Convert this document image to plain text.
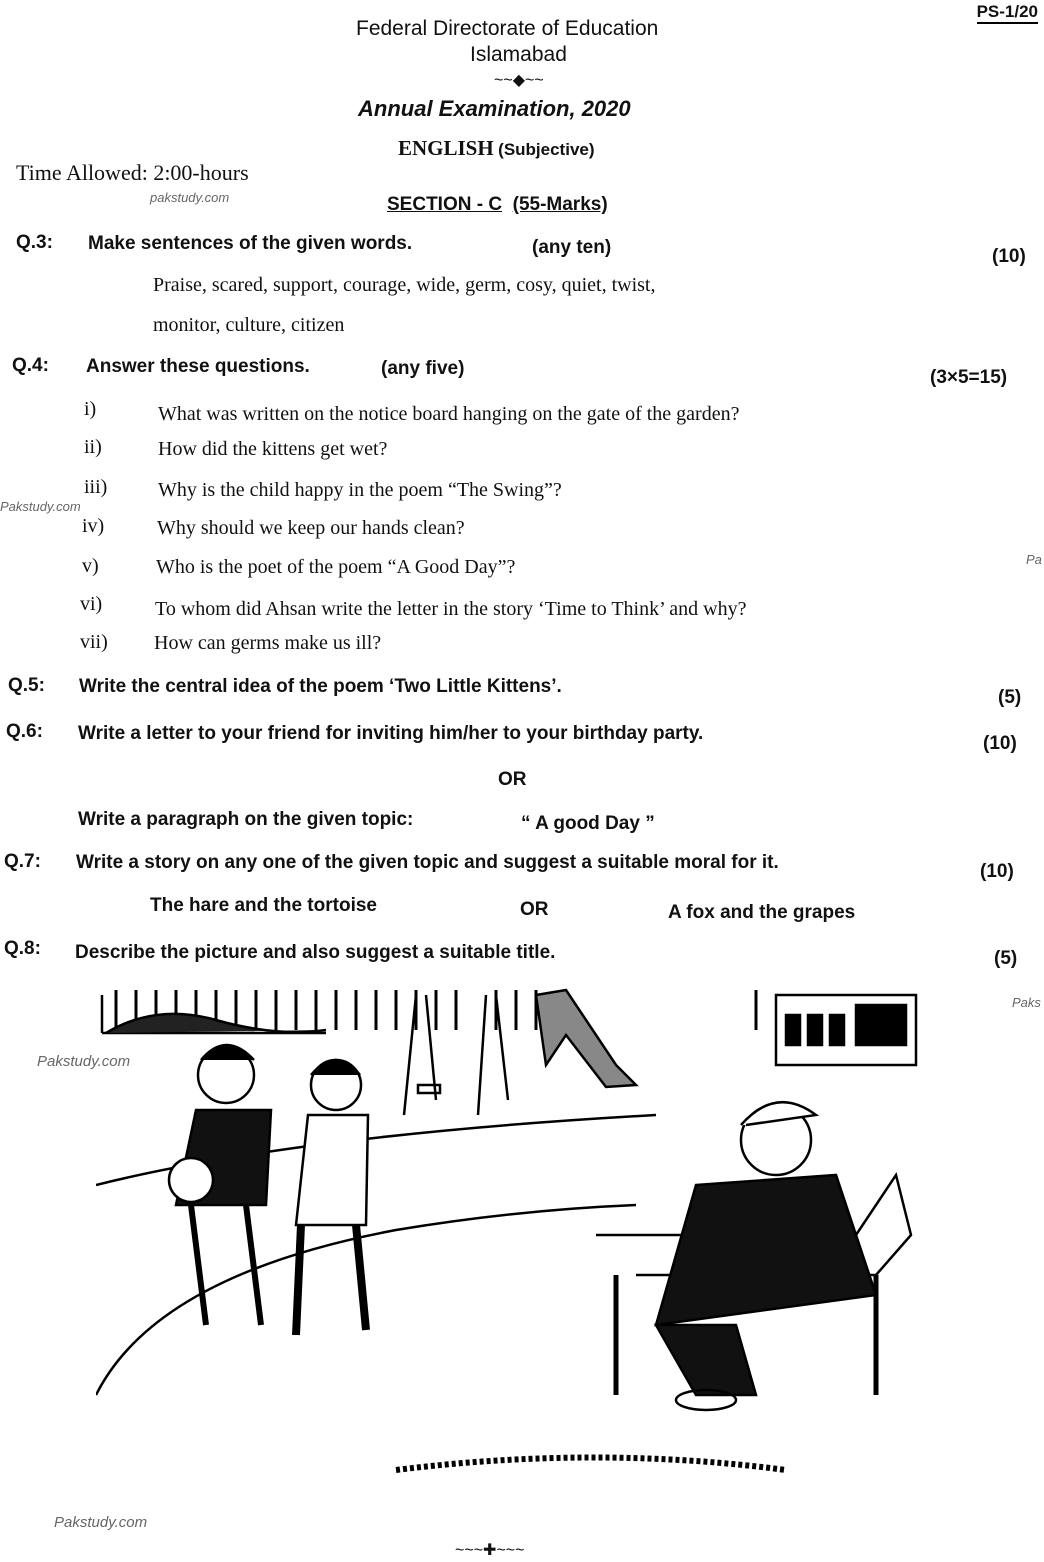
PS-1/20
Federal Directorate of Education
Islamabad
~~◆~~
Annual Examination, 2020
ENGLISH (Subjective)
Time Allowed: 2:00-hours
SECTION - C (55-Marks)
Q.3: Make sentences of the given words.	(any ten)	(10)
Praise, scared, support, courage, wide, germ, cosy, quiet, twist,
monitor, culture, citizen
Q.4: Answer these questions.	(any five)	(3×5=15)
i)	What was written on the notice board hanging on the gate of the garden?
ii)	How did the kittens get wet?
iii)	Why is the child happy in the poem “The Swing”?
iv)	Why should we keep our hands clean?
v)	Who is the poet of the poem “A Good Day”?
vi)	To whom did Ahsan write the letter in the story ‘Time to Think’ and why?
vii) How can germs make us ill?
Q.5: Write the central idea of the poem ‘Two Little Kittens’.
(5)
Q.6: Write a letter to your friend for inviting him/her to your birthday party.	(10)
OR
Write a paragraph on the given topic:	“ A good Day ”
Q.7: Write a story on any one of the given topic and suggest a suitable moral for it.	(10)
The hare and the tortoise	OR	A fox and the grapes
Q.8: Describe the picture and also suggest a suitable title.	(5)
~~~✚~~~
pakstudy.com
Pakstudy.com
Pakstudy.com
Pakstudy.com
Pa
Paks
